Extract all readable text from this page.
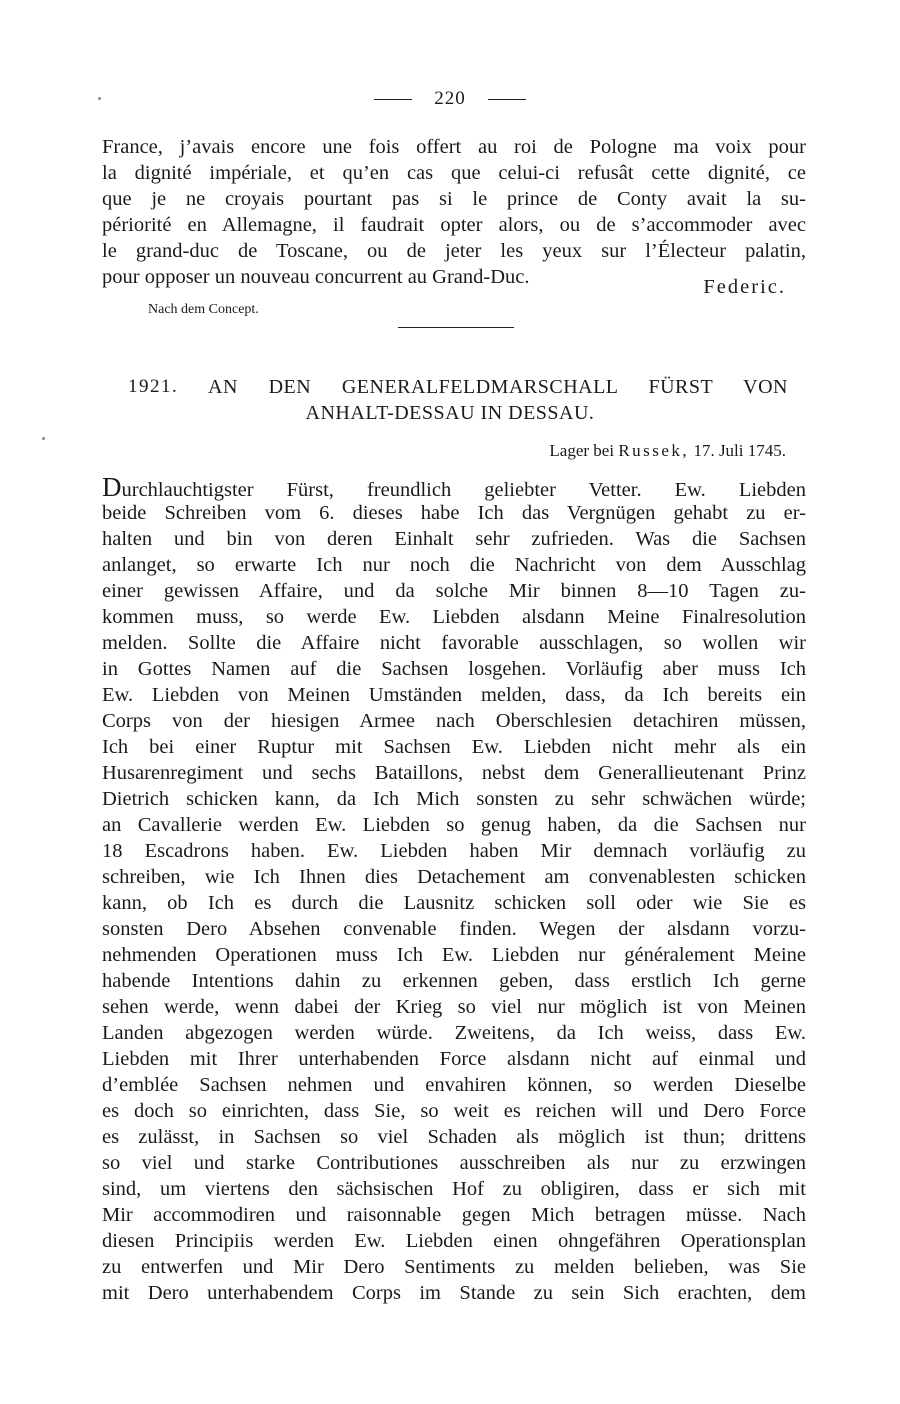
220
France, j’avais encore une fois offert au roi de Pologne ma voix pour
la dignité impériale, et qu’en cas que celui-ci refusât cette dignité, ce
que je ne croyais pourtant pas si le prince de Conty avait la su-
périorité en Allemagne, il faudrait opter alors, ou de s’accommoder avec
le grand-duc de Toscane, ou de jeter les yeux sur l’Électeur palatin,
pour opposer un nouveau concurrent au Grand-Duc.	Federic.
Nach dem Concept.
1921. AN DEN GENERALFELDMARSCHALL FÜRST VON
ANHALT-DESSAU IN DESSAU.
Lager bei Russek, 17. Juli 1745.
Durchlauchtigster Fürst, freundlich geliebter Vetter. Ew. Liebden
beide Schreiben vom 6. dieses habe Ich das Vergnügen gehabt zu er-
halten und bin von deren Einhalt sehr zufrieden. Was die Sachsen
anlanget, so erwarte Ich nur noch die Nachricht von dem Ausschlag
einer gewissen Affaire, und da solche Mir binnen 8—10 Tagen zu-
kommen muss, so werde Ew. Liebden alsdann Meine Finalresolution
melden. Sollte die Affaire nicht favorable ausschlagen, so wollen wir
in Gottes Namen auf die Sachsen losgehen. Vorläufig aber muss Ich
Ew. Liebden von Meinen Umständen melden, dass, da Ich bereits ein
Corps von der hiesigen Armee nach Oberschlesien detachiren müssen,
Ich bei einer Ruptur mit Sachsen Ew. Liebden nicht mehr als ein
Husarenregiment und sechs Bataillons, nebst dem Generallieutenant Prinz
Dietrich schicken kann, da Ich Mich sonsten zu sehr schwächen würde;
an Cavallerie werden Ew. Liebden so genug haben, da die Sachsen nur
18 Escadrons haben. Ew. Liebden haben Mir demnach vorläufig zu
schreiben, wie Ich Ihnen dies Detachement am convenablesten schicken
kann, ob Ich es durch die Lausnitz schicken soll oder wie Sie es
sonsten Dero Absehen convenable finden. Wegen der alsdann vorzu-
nehmenden Operationen muss Ich Ew. Liebden nur généralement Meine
habende Intentions dahin zu erkennen geben, dass erstlich Ich gerne
sehen werde, wenn dabei der Krieg so viel nur möglich ist von Meinen
Landen abgezogen werden würde. Zweitens, da Ich weiss, dass Ew.
Liebden mit Ihrer unterhabenden Force alsdann nicht auf einmal und
d’emblée Sachsen nehmen und envahiren können, so werden Dieselbe
es doch so einrichten, dass Sie, so weit es reichen will und Dero Force
es zulässt, in Sachsen so viel Schaden als möglich ist thun; drittens
so viel und starke Contributiones ausschreiben als nur zu erzwingen
sind, um viertens den sächsischen Hof zu obligiren, dass er sich mit
Mir accommodiren und raisonnable gegen Mich betragen müsse. Nach
diesen Principiis werden Ew. Liebden einen ohngefähren Operationsplan
zu entwerfen und Mir Dero Sentiments zu melden belieben, was Sie
mit Dero unterhabendem Corps im Stande zu sein Sich erachten, dem
